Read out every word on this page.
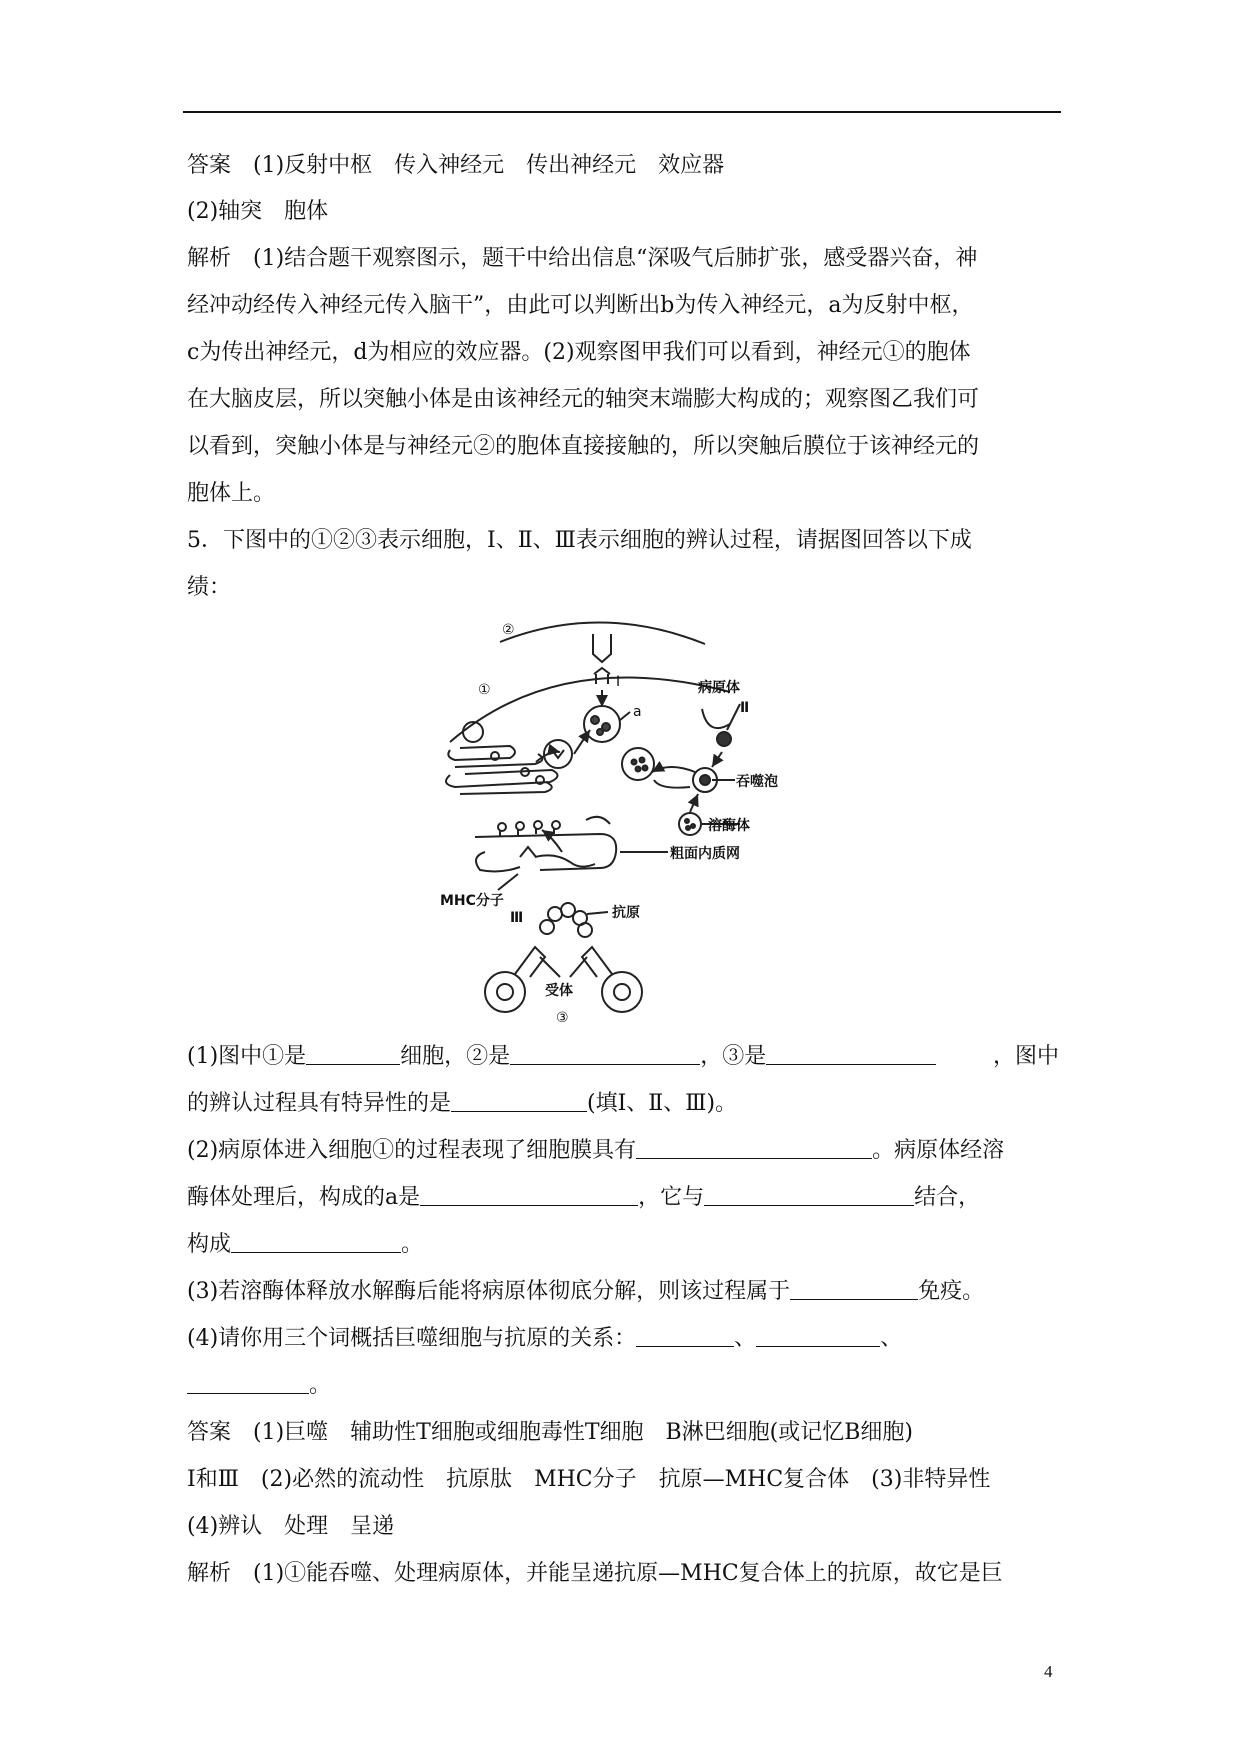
答案　(1)反射中枢　传入神经元　传出神经元　效应器
(2)轴突　胞体
解析　(1)结合题干观察图示，题干中给出信息“深吸气后肺扩张，感受器兴奋，神
经冲动经传入神经元传入脑干”，由此可以判断出b为传入神经元，a为反射中枢，
c为传出神经元，d为相应的效应器。(2)观察图甲我们可以看到，神经元①的胞体
在大脑皮层，所以突触小体是由该神经元的轴突末端膨大构成的；观察图乙我们可
以看到，突触小体是与神经元②的胞体直接接触的，所以突触后膜位于该神经元的
胞体上。
5．下图中的①②③表示细胞，Ⅰ、Ⅱ、Ⅲ表示细胞的辨认过程，请据图回答以下成
绩：
②
Ⅰ
①
a
病原体
Ⅱ
吞噬泡
溶酶体
粗面内质网
MHC分子
Ⅲ	抗原
受体
③
(1)图中①是	细胞，②是	，③是	，图中
的辨认过程具有特异性的是	(填Ⅰ、Ⅱ、Ⅲ)。
(2)病原体进入细胞①的过程表现了细胞膜具有	。病原体经溶
酶体处理后，构成的a是	，它与	结合，
构成	。
(3)若溶酶体释放水解酶后能将病原体彻底分解，则该过程属于	免疫。
(4)请你用三个词概括巨噬细胞与抗原的关系：	、	、
。
答案　(1)巨噬　辅助性T细胞或细胞毒性T细胞　B淋巴细胞(或记忆B细胞)
Ⅰ和Ⅲ　(2)必然的流动性　抗原肽　MHC分子　抗原—MHC复合体　(3)非特异性
(4)辨认　处理　呈递
解析　(1)①能吞噬、处理病原体，并能呈递抗原—MHC复合体上的抗原，故它是巨
4
